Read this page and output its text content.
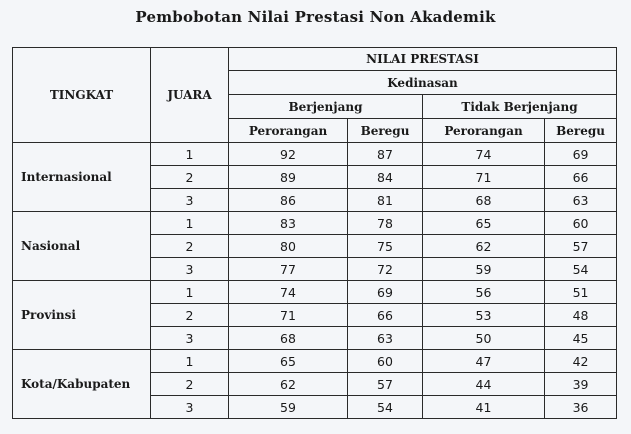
Pembobotan Nilai Prestasi Non Akademik
TINGKAT	JUARA	NILAI PRESTASI			
		Kedinasan			
		Berjenjang		Tidak Berjenjang	
		Perorangan	Beregu	Perorangan	Beregu
Internasional	1	92	87	74	69
	2	89	84	71	66
	3	86	81	68	63
Nasional	1	83	78	65	60
	2	80	75	62	57
	3	77	72	59	54
Provinsi	1	74	69	56	51
	2	71	66	53	48
	3	68	63	50	45
Kota/Kabupaten	1	65	60	47	42
	2	62	57	44	39
	3	59	54	41	36
